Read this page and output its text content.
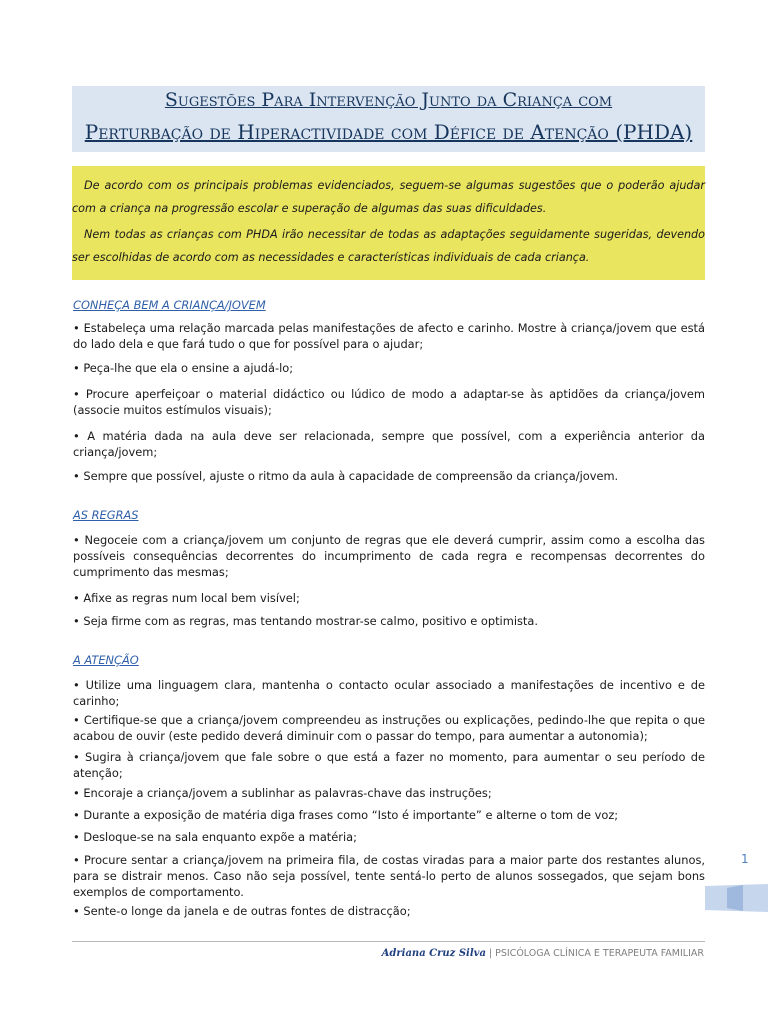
Sugestões Para Intervenção Junto da Criança com
Perturbação de Hiperactividade com Défice de Atenção (PHDA)

De acordo com os principais problemas evidenciados, seguem-se algumas sugestões que o poderão ajudar com a criança na progressão escolar e superação de algumas das suas dificuldades.

Nem todas as crianças com PHDA irão necessitar de todas as adaptações seguidamente sugeridas, devendo ser escolhidas de acordo com as necessidades e características individuais de cada criança.

CONHEÇA BEM A CRIANÇA/JOVEM

• Estabeleça uma relação marcada pelas manifestações de afecto e carinho. Mostre à criança/jovem que está do lado dela e que fará tudo o que for possível para o ajudar;

• Peça-lhe que ela o ensine a ajudá-lo;

• Procure aperfeiçoar o material didáctico ou lúdico de modo a adaptar-se às aptidões da criança/jovem (associe muitos estímulos visuais);

• A matéria dada na aula deve ser relacionada, sempre que possível, com a experiência anterior da criança/jovem;

• Sempre que possível, ajuste o ritmo da aula à capacidade de compreensão da criança/jovem.

AS REGRAS

• Negoceie com a criança/jovem um conjunto de regras que ele deverá cumprir, assim como a escolha das possíveis consequências decorrentes do incumprimento de cada regra e recompensas decorrentes do cumprimento das mesmas;

• Afixe as regras num local bem visível;

• Seja firme com as regras, mas tentando mostrar-se calmo, positivo e optimista.

A ATENÇÃO

• Utilize uma linguagem clara, mantenha o contacto ocular associado a manifestações de incentivo e de carinho;

• Certifique-se que a criança/jovem compreendeu as instruções ou explicações, pedindo-lhe que repita o que acabou de ouvir (este pedido deverá diminuir com o passar do tempo, para aumentar a autonomia);

• Sugira à criança/jovem que fale sobre o que está a fazer no momento, para aumentar o seu período de atenção;

• Encoraje a criança/jovem a sublinhar as palavras-chave das instruções;

• Durante a exposição de matéria diga frases como “Isto é importante” e alterne o tom de voz;

• Desloque-se na sala enquanto expõe a matéria;

• Procure sentar a criança/jovem na primeira fila, de costas viradas para a maior parte dos restantes alunos, para se distrair menos. Caso não seja possível, tente sentá-lo perto de alunos sossegados, que sejam bons exemplos de comportamento.

• Sente-o longe da janela e de outras fontes de distracção;

1
Adriana Cruz Silva | PSICÓLOGA CLÍNICA E TERAPEUTA FAMILIAR
